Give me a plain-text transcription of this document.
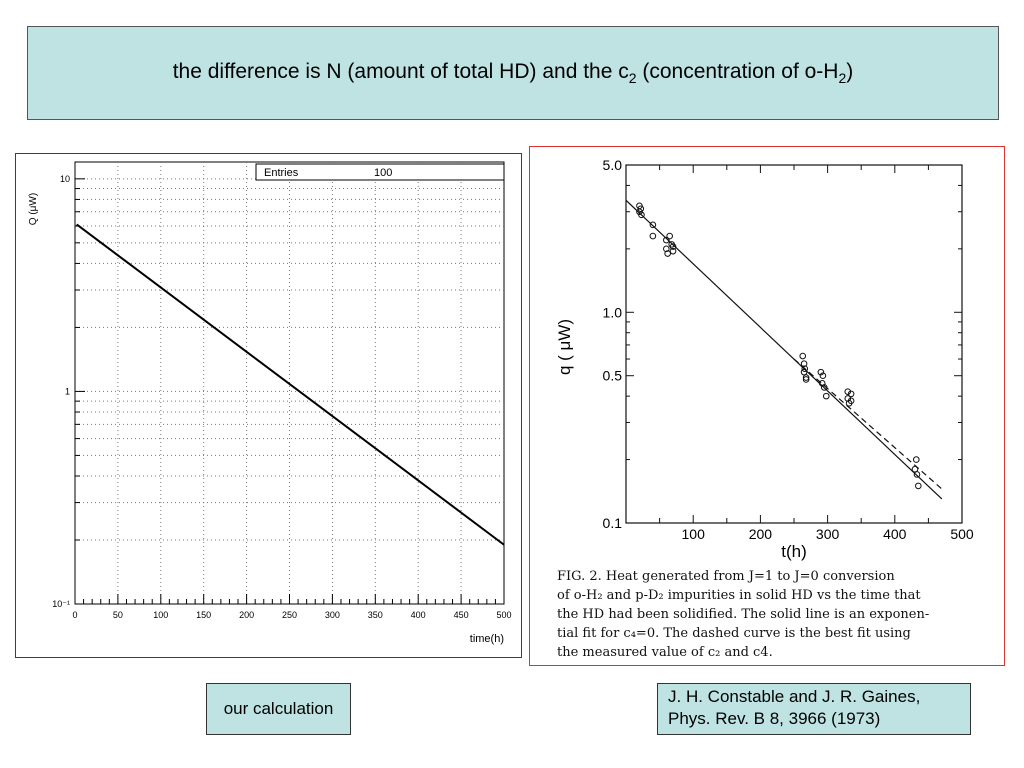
the difference is N (amount of total HD) and the $c_2$ (concentration of $o-H_2$)
0	50	100	150	200	250	300	350	400	450	500
10
1
10⁻¹
Entries	100
time(h)
Q (μW)
100	200	300	400	500
5.0
1.0
0.5
0.1
t(h)
q ( μW)
FIG. 2. Heat generated from J=1 to J=0 conversion
of o-H₂ and p-D₂ impurities in solid HD vs the time that
the HD had been solidified. The solid line is an exponen-
tial fit for c₄=0. The dashed curve is the best fit using
the measured value of c₂ and c4.
our calculation
J. H. Constable and J. R. Gaines,
Phys. Rev. B 8, 3966 (1973)
